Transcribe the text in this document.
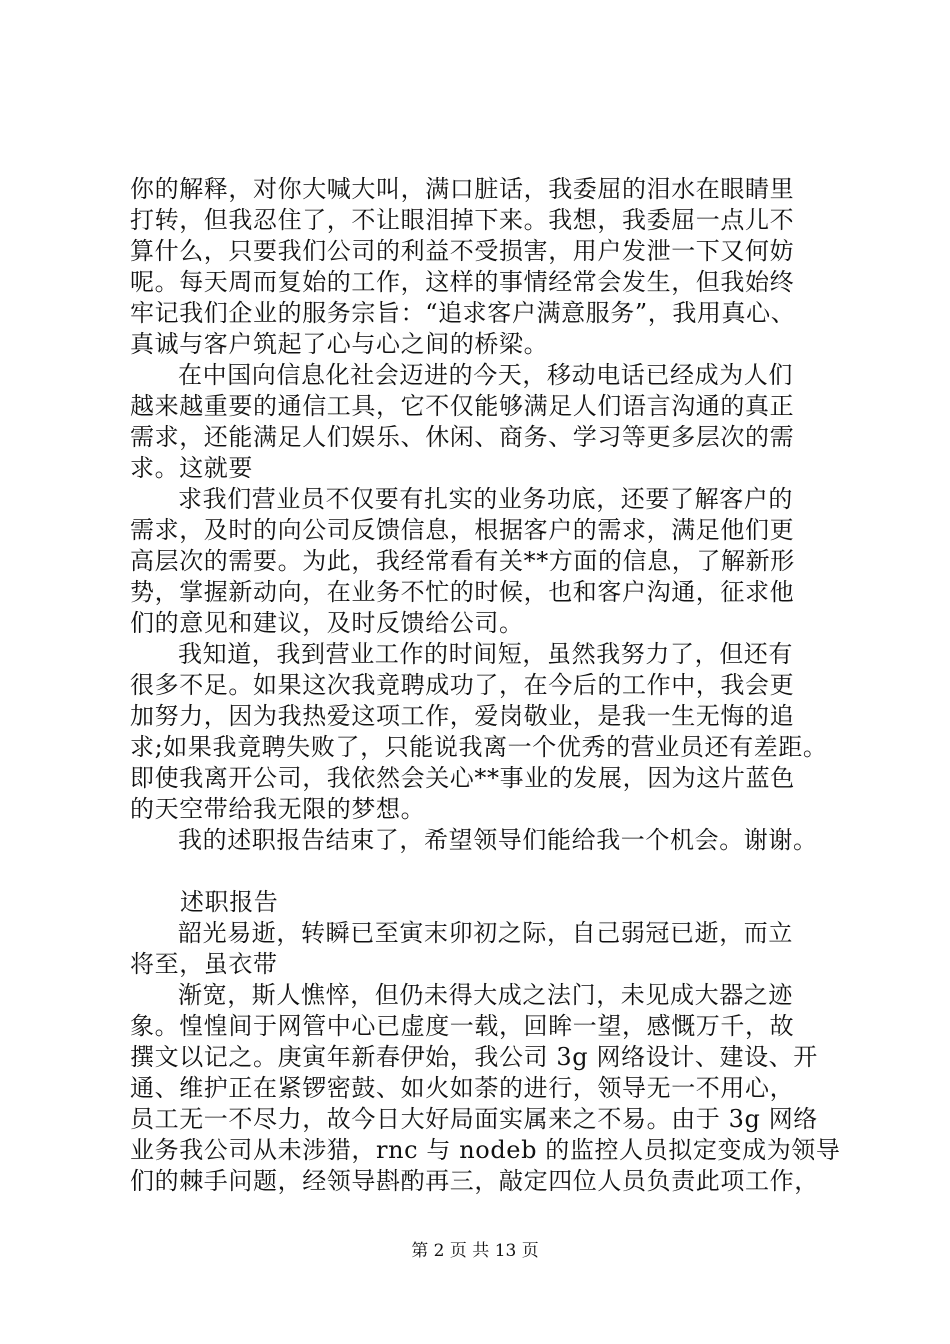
你的解释，对你大喊大叫，满口脏话，我委屈的泪水在眼睛里
打转，但我忍住了，不让眼泪掉下来。我想，我委屈一点儿不
算什么，只要我们公司的利益不受损害，用户发泄一下又何妨
呢。每天周而复始的工作，这样的事情经常会发生，但我始终
牢记我们企业的服务宗旨：“追求客户满意服务”，我用真心、
真诚与客户筑起了心与心之间的桥梁。
在中国向信息化社会迈进的今天，移动电话已经成为人们
越来越重要的通信工具，它不仅能够满足人们语言沟通的真正
需求，还能满足人们娱乐、休闲、商务、学习等更多层次的需
求。这就要
求我们营业员不仅要有扎实的业务功底，还要了解客户的
需求，及时的向公司反馈信息，根据客户的需求，满足他们更
高层次的需要。为此，我经常看有关**方面的信息，了解新形
势，掌握新动向，在业务不忙的时候，也和客户沟通，征求他
们的意见和建议，及时反馈给公司。
我知道，我到营业工作的时间短，虽然我努力了，但还有
很多不足。如果这次我竟聘成功了，在今后的工作中，我会更
加努力，因为我热爱这项工作，爱岗敬业，是我一生无悔的追
求;如果我竟聘失败了，只能说我离一个优秀的营业员还有差距。
即使我离开公司，我依然会关心**事业的发展，因为这片蓝色
的天空带给我无限的梦想。
我的述职报告结束了，希望领导们能给我一个机会。谢谢。
述职报告
韶光易逝，转瞬已至寅末卯初之际，自己弱冠已逝，而立
将至，虽衣带
渐宽，斯人憔悴，但仍未得大成之法门，未见成大器之迹
象。惶惶间于网管中心已虚度一载，回眸一望，感慨万千，故
撰文以记之。庚寅年新春伊始，我公司 3g 网络设计、建设、开
通、维护正在紧锣密鼓、如火如荼的进行，领导无一不用心，
员工无一不尽力，故今日大好局面实属来之不易。由于 3g 网络
业务我公司从未涉猎，rnc 与 nodeb 的监控人员拟定变成为领导
们的棘手问题，经领导斟酌再三，敲定四位人员负责此项工作，
第 2 页 共 13 页
